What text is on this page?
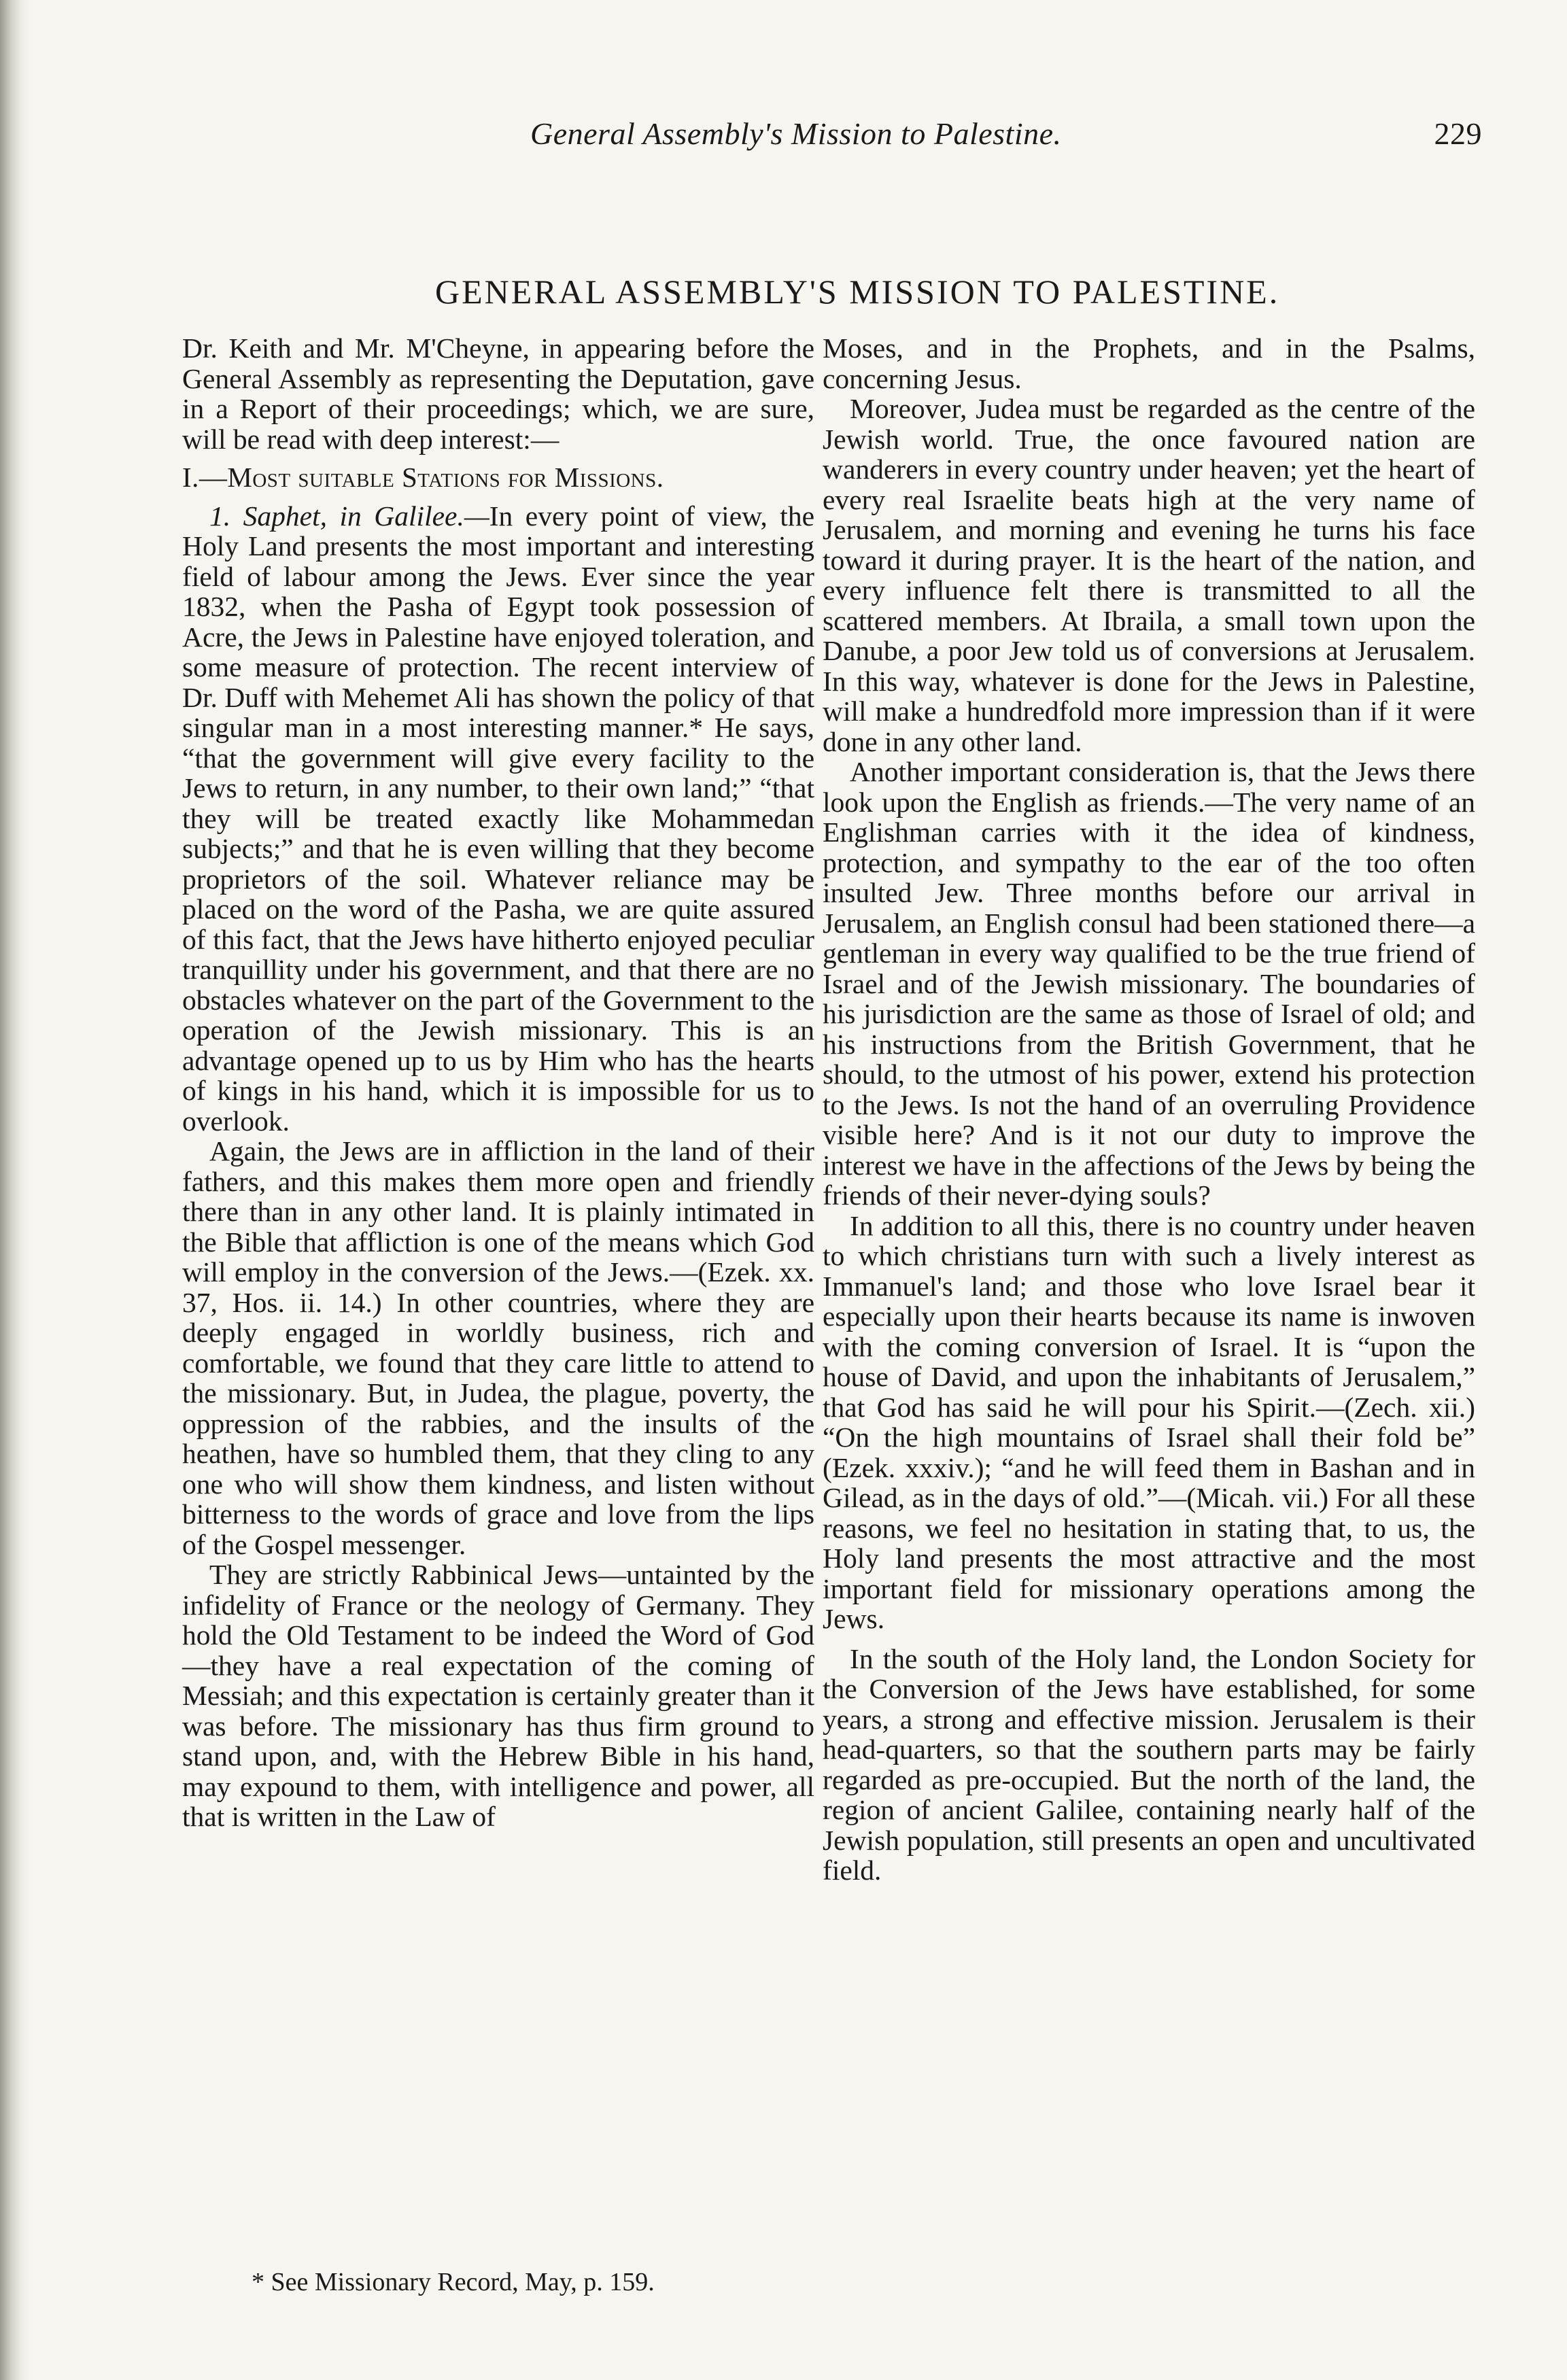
General Assembly's Mission to Palestine.	229
GENERAL ASSEMBLY'S MISSION TO PALESTINE.

Dr. Keith and Mr. M'Cheyne, in appearing before the General Assembly as representing the Deputation, gave in a Report of their proceedings; which, we are sure, will be read with deep interest:—

I.—Most suitable Stations for Missions.

1. Saphet, in Galilee.—In every point of view, the Holy Land presents the most important and interesting field of labour among the Jews. Ever since the year 1832, when the Pasha of Egypt took possession of Acre, the Jews in Palestine have enjoyed toleration, and some measure of protection. The recent interview of Dr. Duff with Mehemet Ali has shown the policy of that singular man in a most interesting manner.* He says, “that the government will give every facility to the Jews to return, in any number, to their own land;” “that they will be treated exactly like Mohammedan subjects;” and that he is even willing that they become proprietors of the soil. Whatever reliance may be placed on the word of the Pasha, we are quite assured of this fact, that the Jews have hitherto enjoyed peculiar tranquillity under his government, and that there are no obstacles whatever on the part of the Government to the operation of the Jewish missionary. This is an advantage opened up to us by Him who has the hearts of kings in his hand, which it is impossible for us to overlook.

Again, the Jews are in affliction in the land of their fathers, and this makes them more open and friendly there than in any other land. It is plainly intimated in the Bible that affliction is one of the means which God will employ in the conversion of the Jews.—(Ezek. xx. 37, Hos. ii. 14.) In other countries, where they are deeply engaged in worldly business, rich and comfortable, we found that they care little to attend to the missionary. But, in Judea, the plague, poverty, the oppression of the rabbies, and the insults of the heathen, have so humbled them, that they cling to any one who will show them kindness, and listen without bitterness to the words of grace and love from the lips of the Gospel messenger.

They are strictly Rabbinical Jews—untainted by the infidelity of France or the neology of Germany. They hold the Old Testament to be indeed the Word of God—they have a real expectation of the coming of Messiah; and this expectation is certainly greater than it was before. The missionary has thus firm ground to stand upon, and, with the Hebrew Bible in his hand, may expound to them, with intelligence and power, all that is written in the Law of

Moses, and in the Prophets, and in the Psalms, concerning Jesus.

Moreover, Judea must be regarded as the centre of the Jewish world. True, the once favoured nation are wanderers in every country under heaven; yet the heart of every real Israelite beats high at the very name of Jerusalem, and morning and evening he turns his face toward it during prayer. It is the heart of the nation, and every influence felt there is transmitted to all the scattered members. At Ibraila, a small town upon the Danube, a poor Jew told us of conversions at Jerusalem. In this way, whatever is done for the Jews in Palestine, will make a hundredfold more impression than if it were done in any other land.

Another important consideration is, that the Jews there look upon the English as friends.—The very name of an Englishman carries with it the idea of kindness, protection, and sympathy to the ear of the too often insulted Jew. Three months before our arrival in Jerusalem, an English consul had been stationed there—a gentleman in every way qualified to be the true friend of Israel and of the Jewish missionary. The boundaries of his jurisdiction are the same as those of Israel of old; and his instructions from the British Government, that he should, to the utmost of his power, extend his protection to the Jews. Is not the hand of an overruling Providence visible here? And is it not our duty to improve the interest we have in the affections of the Jews by being the friends of their never-dying souls?

In addition to all this, there is no country under heaven to which christians turn with such a lively interest as Immanuel's land; and those who love Israel bear it especially upon their hearts because its name is inwoven with the coming conversion of Israel. It is “upon the house of David, and upon the inhabitants of Jerusalem,” that God has said he will pour his Spirit.—(Zech. xii.) “On the high mountains of Israel shall their fold be” (Ezek. xxxiv.); “and he will feed them in Bashan and in Gilead, as in the days of old.”—(Micah. vii.) For all these reasons, we feel no hesitation in stating that, to us, the Holy land presents the most attractive and the most important field for missionary operations among the Jews.

In the south of the Holy land, the London Society for the Conversion of the Jews have established, for some years, a strong and effective mission. Jerusalem is their head-quarters, so that the southern parts may be fairly regarded as pre-occupied. But the north of the land, the region of ancient Galilee, containing nearly half of the Jewish population, still presents an open and uncultivated field.

* See Missionary Record, May, p. 159.
